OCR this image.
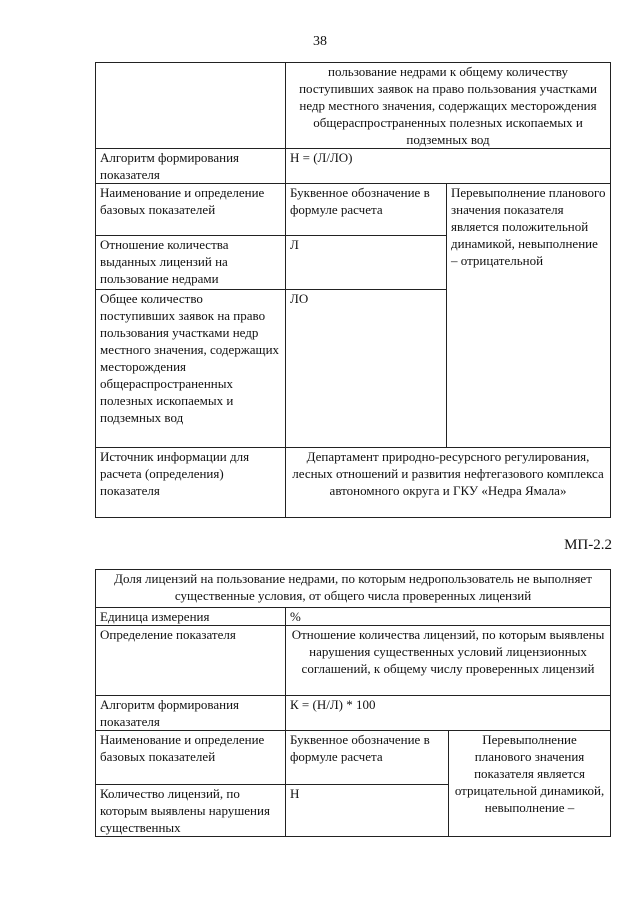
38
	пользование недрами к общему количеству поступивших заявок на право пользования участками недр местного значения, содержащих месторождения общераспространенных полезных ископаемых и подземных вод	
Алгоритм формирования показателя	Н = (Л/ЛО)	
Наименование и определение базовых показателей	Буквенное обозначение в формуле расчета	Перевыполнение планового значения показателя является положительной динамикой, невыполнение – отрицательной
Отношение количества выданных лицензий на пользование недрами	Л	
Общее количество поступивших заявок на право пользования участками недр местного значения, содержащих месторождения общераспространенных полезных ископаемых и подземных вод	ЛО	
Источник информации для расчета (определения) показателя	Департамент природно-ресурсного регулирования, лесных отношений и развития нефтегазового комплекса автономного округа и ГКУ «Недра Ямала»	
МП-2.2
Доля лицензий на пользование недрами, по которым недропользователь не выполняет существенные условия, от общего числа проверенных лицензий		
Единица измерения	%	
Определение показателя	Отношение количества лицензий, по которым выявлены нарушения существенных условий лицензионных соглашений, к общему числу проверенных лицензий	
Алгоритм формирования показателя	К = (Н/Л) * 100	
Наименование и определение базовых показателей	Буквенное обозначение в формуле расчета	Перевыполнение планового значения показателя является отрицательной динамикой, невыполнение –
Количество лицензий, по которым выявлены нарушения существенных	Н	
